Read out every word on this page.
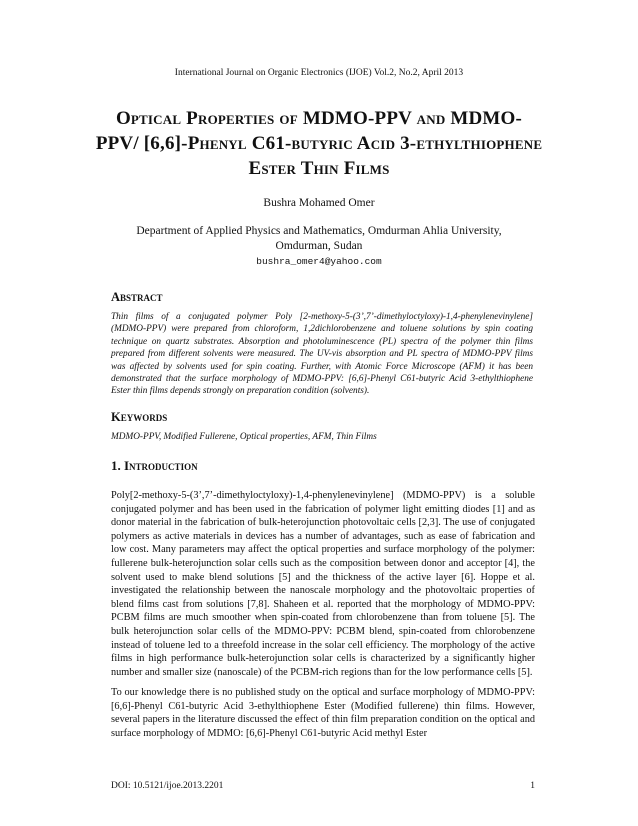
International Journal on Organic Electronics (IJOE) Vol.2, No.2, April 2013
Optical Properties of MDMO-PPV and MDMO-PPV/ [6,6]-Phenyl C61-butyric Acid 3-ethylthiophene Ester Thin Films
Bushra Mohamed Omer
Department of Applied Physics and Mathematics, Omdurman Ahlia University, Omdurman, Sudan
bushra_omer4@yahoo.com
Abstract

Thin films of a conjugated polymer Poly [2-methoxy-5-(3’,7’-dimethyloctyloxy)-1,4-phenylenevinylene] (MDMO-PPV) were prepared from chloroform, 1,2dichlorobenzene and toluene solutions by spin coating technique on quartz substrates. Absorption and photoluminescence (PL) spectra of the polymer thin films prepared from different solvents were measured. The UV-vis absorption and PL spectra of MDMO-PPV films was affected by solvents used for spin coating. Further, with Atomic Force Microscope (AFM) it has been demonstrated that the surface morphology of MDMO-PPV: [6,6]-Phenyl C61-butyric Acid 3-ethylthiophene Ester thin films depends strongly on preparation condition (solvents).

Keywords

MDMO-PPV, Modified Fullerene, Optical properties, AFM, Thin Films

1. Introduction

Poly[2-methoxy-5-(3’,7’-dimethyloctyloxy)-1,4-phenylenevinylene] (MDMO-PPV) is a soluble conjugated polymer and has been used in the fabrication of polymer light emitting diodes [1] and as donor material in the fabrication of bulk-heterojunction photovoltaic cells [2,3]. The use of conjugated polymers as active materials in devices has a number of advantages, such as ease of fabrication and low cost. Many parameters may affect the optical properties and surface morphology of the polymer: fullerene bulk-heterojunction solar cells such as the composition between donor and acceptor [4], the solvent used to make blend solutions [5] and the thickness of the active layer [6]. Hoppe et al. investigated the relationship between the nanoscale morphology and the photovoltaic properties of blend films cast from solutions [7,8]. Shaheen et al. reported that the morphology of MDMO-PPV: PCBM films are much smoother when spin-coated from chlorobenzene than from toluene [5]. The bulk heterojunction solar cells of the MDMO-PPV: PCBM blend, spin-coated from chlorobenzene instead of toluene led to a threefold increase in the solar cell efficiency. The morphology of the active films in high performance bulk-heterojunction solar cells is characterized by a significantly higher number and smaller size (nanoscale) of the PCBM-rich regions than for the low performance cells [5].

To our knowledge there is no published study on the optical and surface morphology of MDMO-PPV: [6,6]-Phenyl C61-butyric Acid 3-ethylthiophene Ester (Modified fullerene) thin films. However, several papers in the literature discussed the effect of thin film preparation condition on the optical and surface morphology of MDMO: [6,6]-Phenyl C61-butyric Acid methyl Ester

DOI: 10.5121/ijoe.2013.2201	1
